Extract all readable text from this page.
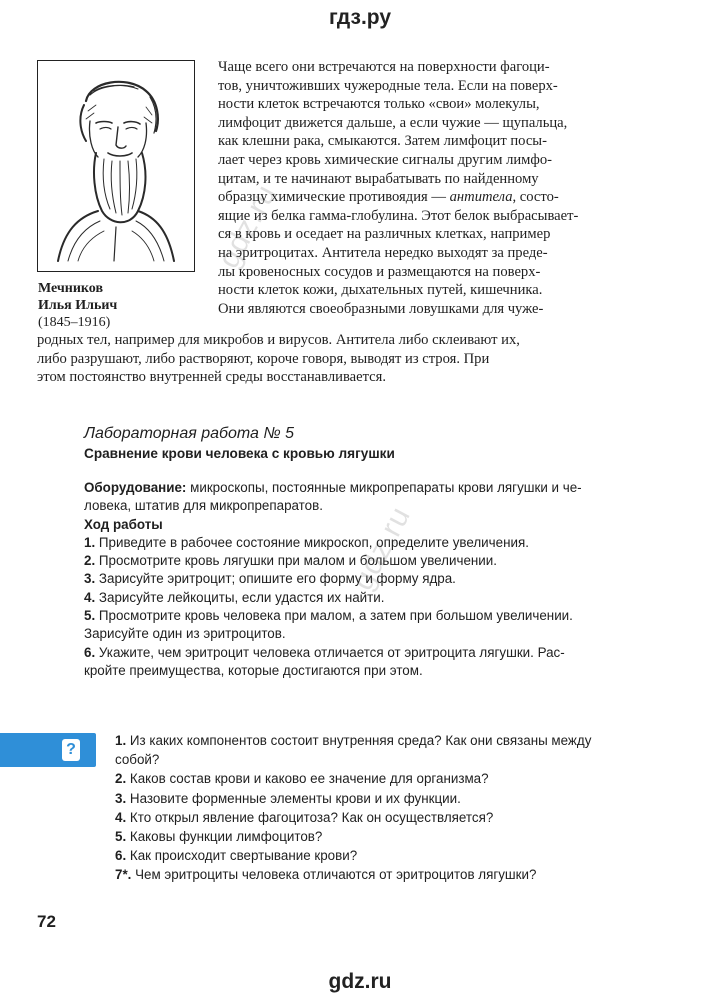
гдз.ру
Мечников
Илья Ильич
(1845–1916)
Чаще всего они встречаются на поверхности фагоци-
тов, уничтоживших чужеродные тела. Если на поверх-
ности клеток встречаются только «свои» молекулы,
лимфоцит движется дальше, а если чужие — щупальца,
как клешни рака, смыкаются. Затем лимфоцит посы-
лает через кровь химические сигналы другим лимфо-
цитам, и те начинают вырабатывать по найденному
образцу химические противоядия — антитела, состо-
ящие из белка гамма-глобулина. Этот белок выбрасывает-
ся в кровь и оседает на различных клетках, например
на эритроцитах. Антитела нередко выходят за преде-
лы кровеносных сосудов и размещаются на поверх-
ности клеток кожи, дыхательных путей, кишечника.
Они являются своеобразными ловушками для чуже-
родных тел, например для микробов и вирусов. Антитела либо склеивают их,
либо разрушают, либо растворяют, короче говоря, выводят из строя. При
этом постоянство внутренней среды восстанавливается.
Лабораторная работа № 5
Сравнение крови человека с кровью лягушки
Оборудование: микроскопы, постоянные микропрепараты крови лягушки и че-
ловека, штатив для микропрепаратов.
Ход работы
1. Приведите в рабочее состояние микроскоп, определите увеличения.
2. Просмотрите кровь лягушки при малом и большом увеличении.
3. Зарисуйте эритроцит; опишите его форму и форму ядра.
4. Зарисуйте лейкоциты, если удастся их найти.
5. Просмотрите кровь человека при малом, а затем при большом увеличении.
Зарисуйте один из эритроцитов.
6. Укажите, чем эритроцит человека отличается от эритроцита лягушки. Рас-
кройте преимущества, которые достигаются при этом.
?
1. Из каких компонентов состоит внутренняя среда? Как они связаны между
собой?
2. Каков состав крови и каково ее значение для организма?
3. Назовите форменные элементы крови и их функции.
4. Кто открыл явление фагоцитоза? Как он осуществляется?
5. Каковы функции лимфоцитов?
6. Как происходит свертывание крови?
7*. Чем эритроциты человека отличаются от эритроцитов лягушки?
72
gdz.ru
gdz.ru
gdz.ru
